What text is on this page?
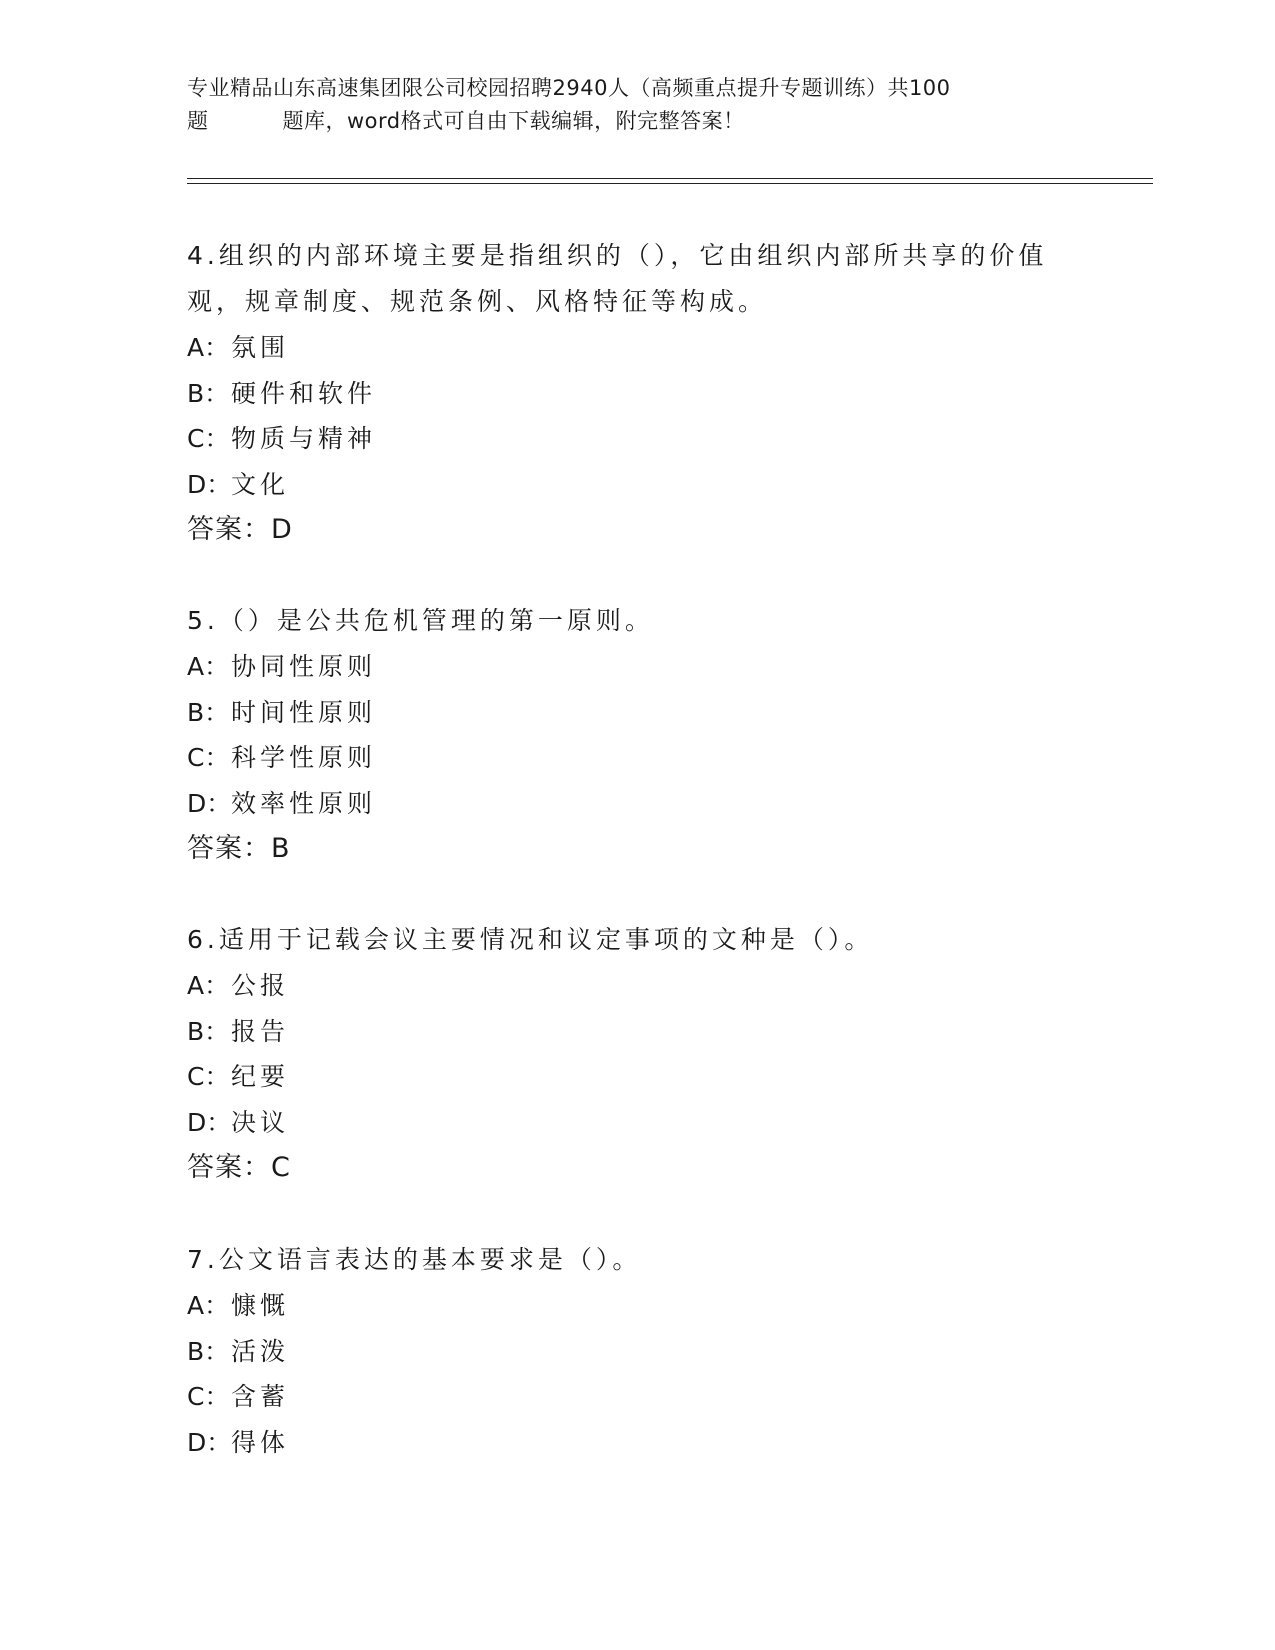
专业精品山东高速集团限公司校园招聘2940人（高频重点提升专题训练）共100
题	题库，word格式可自由下载编辑，附完整答案！

4.组织的内部环境主要是指组织的（），它由组织内部所共享的价值观，规章制度、规范条例、风格特征等构成。

A：氛围

B：硬件和软件

C：物质与精神

D：文化

答案：D

5.（）是公共危机管理的第一原则。

A：协同性原则

B：时间性原则

C：科学性原则

D：效率性原则

答案：B

6.适用于记载会议主要情况和议定事项的文种是（）。

A：公报

B：报告

C：纪要

D：决议

答案：C

7.公文语言表达的基本要求是（）。

A：慷慨

B：活泼

C：含蓄

D：得体
